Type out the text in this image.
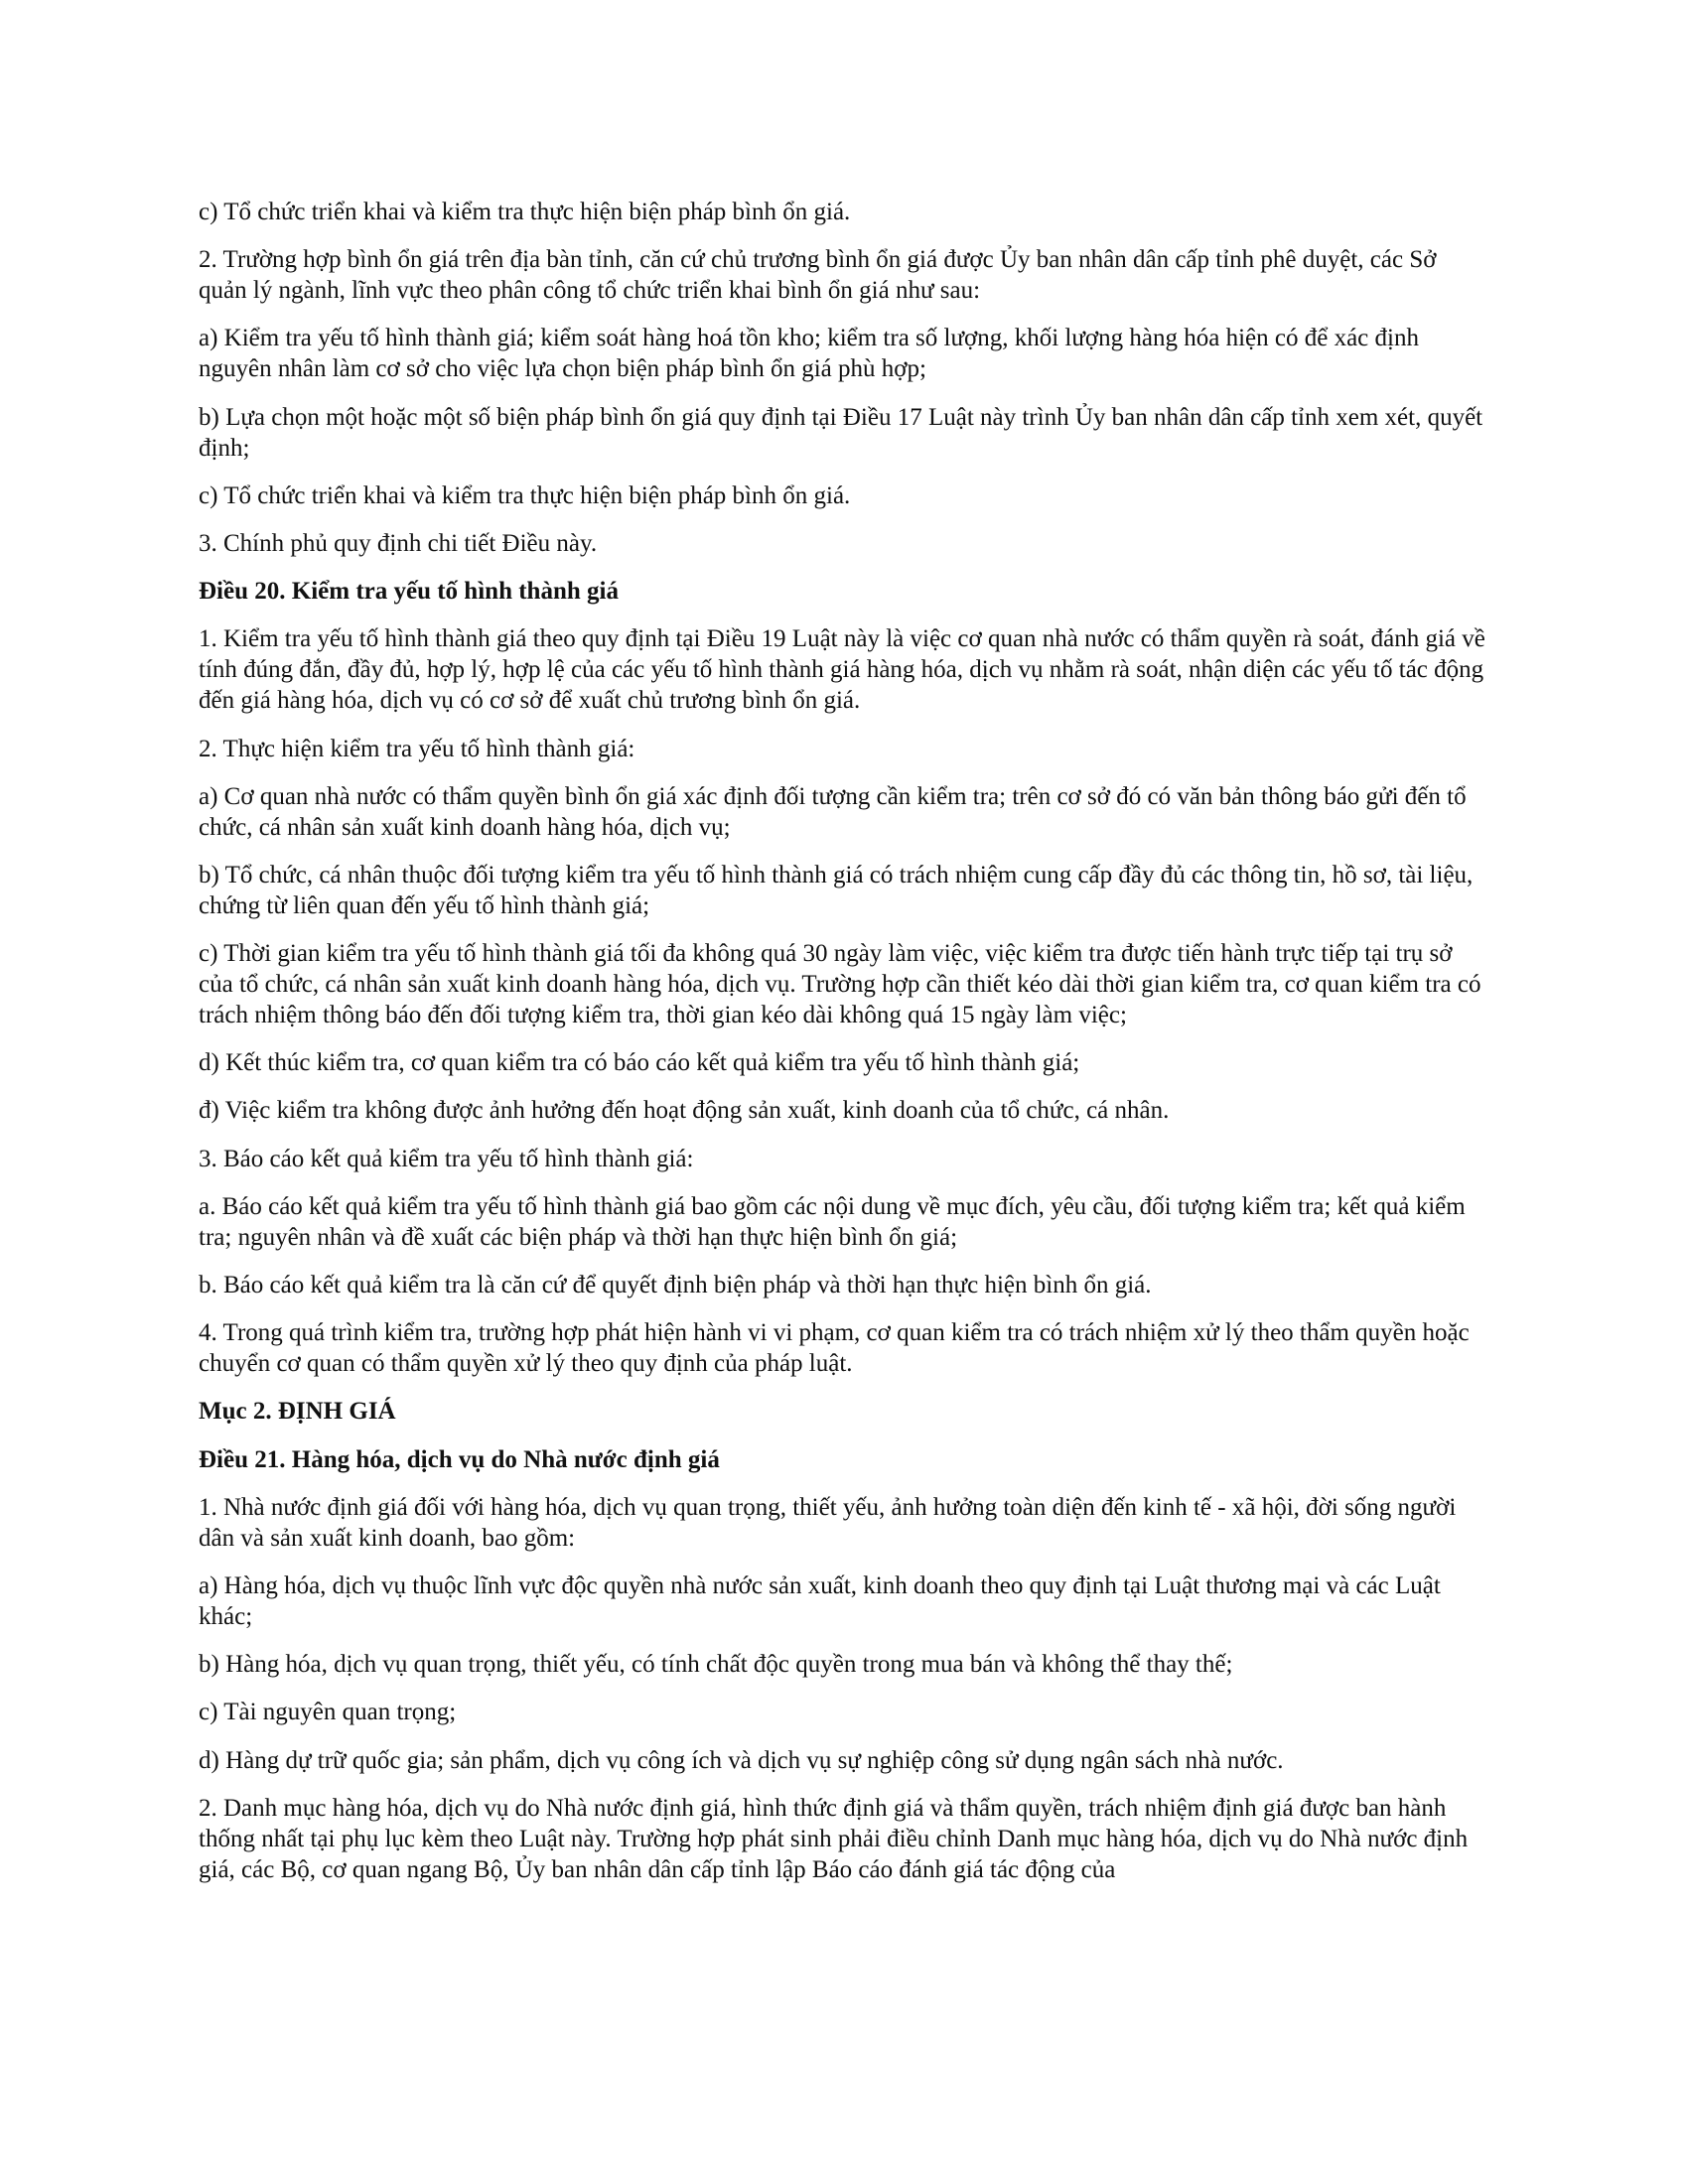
c) Tổ chức triển khai và kiểm tra thực hiện biện pháp bình ổn giá.

2. Trường hợp bình ổn giá trên địa bàn tỉnh, căn cứ chủ trương bình ổn giá được Ủy ban nhân dân cấp tỉnh phê duyệt, các Sở quản lý ngành, lĩnh vực theo phân công tổ chức triển khai bình ổn giá như sau:

a) Kiểm tra yếu tố hình thành giá; kiểm soát hàng hoá tồn kho; kiểm tra số lượng, khối lượng hàng hóa hiện có để xác định nguyên nhân làm cơ sở cho việc lựa chọn biện pháp bình ổn giá phù hợp;

b) Lựa chọn một hoặc một số biện pháp bình ổn giá quy định tại Điều 17 Luật này trình Ủy ban nhân dân cấp tỉnh xem xét, quyết định;

c) Tổ chức triển khai và kiểm tra thực hiện biện pháp bình ổn giá.

3. Chính phủ quy định chi tiết Điều này.

Điều 20. Kiểm tra yếu tố hình thành giá

1. Kiểm tra yếu tố hình thành giá theo quy định tại Điều 19 Luật này là việc cơ quan nhà nước có thẩm quyền rà soát, đánh giá về tính đúng đắn, đầy đủ, hợp lý, hợp lệ của các yếu tố hình thành giá hàng hóa, dịch vụ nhằm rà soát, nhận diện các yếu tố tác động đến giá hàng hóa, dịch vụ có cơ sở để xuất chủ trương bình ổn giá.

2. Thực hiện kiểm tra yếu tố hình thành giá:

a) Cơ quan nhà nước có thẩm quyền bình ổn giá xác định đối tượng cần kiểm tra; trên cơ sở đó có văn bản thông báo gửi đến tổ chức, cá nhân sản xuất kinh doanh hàng hóa, dịch vụ;

b) Tổ chức, cá nhân thuộc đối tượng kiểm tra yếu tố hình thành giá có trách nhiệm cung cấp đầy đủ các thông tin, hồ sơ, tài liệu, chứng từ liên quan đến yếu tố hình thành giá;

c) Thời gian kiểm tra yếu tố hình thành giá tối đa không quá 30 ngày làm việc, việc kiểm tra được tiến hành trực tiếp tại trụ sở của tổ chức, cá nhân sản xuất kinh doanh hàng hóa, dịch vụ. Trường hợp cần thiết kéo dài thời gian kiểm tra, cơ quan kiểm tra có trách nhiệm thông báo đến đối tượng kiểm tra, thời gian kéo dài không quá 15 ngày làm việc;

d) Kết thúc kiểm tra, cơ quan kiểm tra có báo cáo kết quả kiểm tra yếu tố hình thành giá;

đ) Việc kiểm tra không được ảnh hưởng đến hoạt động sản xuất, kinh doanh của tổ chức, cá nhân.

3. Báo cáo kết quả kiểm tra yếu tố hình thành giá:

a. Báo cáo kết quả kiểm tra yếu tố hình thành giá bao gồm các nội dung về mục đích, yêu cầu, đối tượng kiểm tra; kết quả kiểm tra; nguyên nhân và đề xuất các biện pháp và thời hạn thực hiện bình ổn giá;

b. Báo cáo kết quả kiểm tra là căn cứ để quyết định biện pháp và thời hạn thực hiện bình ổn giá.

4. Trong quá trình kiểm tra, trường hợp phát hiện hành vi vi phạm, cơ quan kiểm tra có trách nhiệm xử lý theo thẩm quyền hoặc chuyển cơ quan có thẩm quyền xử lý theo quy định của pháp luật.

Mục 2. ĐỊNH GIÁ

Điều 21. Hàng hóa, dịch vụ do Nhà nước định giá

1. Nhà nước định giá đối với hàng hóa, dịch vụ quan trọng, thiết yếu, ảnh hưởng toàn diện đến kinh tế - xã hội, đời sống người dân và sản xuất kinh doanh, bao gồm:

a) Hàng hóa, dịch vụ thuộc lĩnh vực độc quyền nhà nước sản xuất, kinh doanh theo quy định tại Luật thương mại và các Luật khác;

b) Hàng hóa, dịch vụ quan trọng, thiết yếu, có tính chất độc quyền trong mua bán và không thể thay thế;

c) Tài nguyên quan trọng;

d) Hàng dự trữ quốc gia; sản phẩm, dịch vụ công ích và dịch vụ sự nghiệp công sử dụng ngân sách nhà nước.

2. Danh mục hàng hóa, dịch vụ do Nhà nước định giá, hình thức định giá và thẩm quyền, trách nhiệm định giá được ban hành thống nhất tại phụ lục kèm theo Luật này. Trường hợp phát sinh phải điều chỉnh Danh mục hàng hóa, dịch vụ do Nhà nước định giá, các Bộ, cơ quan ngang Bộ, Ủy ban nhân dân cấp tỉnh lập Báo cáo đánh giá tác động của
